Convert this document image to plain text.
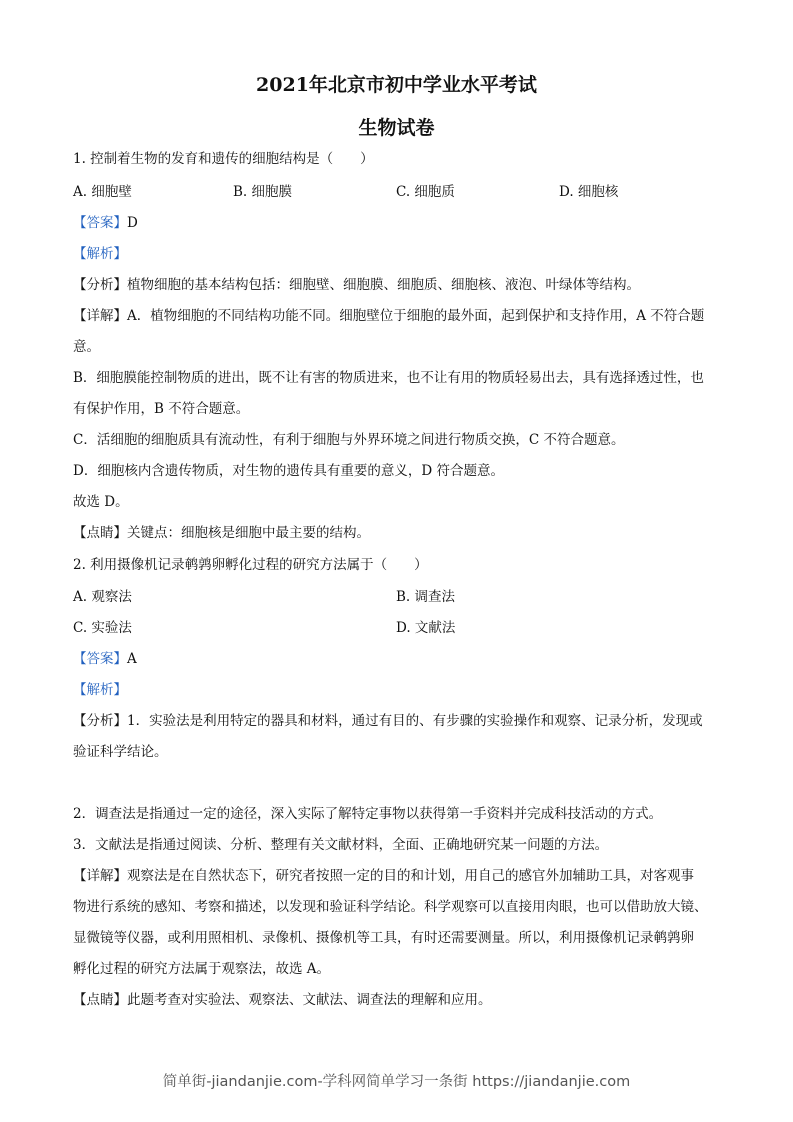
2021年北京市初中学业水平考试
生物试卷
1. 控制着生物的发育和遗传的细胞结构是（　　）
A. 细胞壁	B. 细胞膜	C. 细胞质	D. 细胞核
【答案】D
【解析】
【分析】植物细胞的基本结构包括：细胞壁、细胞膜、细胞质、细胞核、液泡、叶绿体等结构。
【详解】A．植物细胞的不同结构功能不同。细胞壁位于细胞的最外面，起到保护和支持作用，A 不符合题
意。
B．细胞膜能控制物质的进出，既不让有害的物质进来，也不让有用的物质轻易出去，具有选择透过性，也
有保护作用，B 不符合题意。
C．活细胞的细胞质具有流动性，有利于细胞与外界环境之间进行物质交换，C 不符合题意。
D．细胞核内含遗传物质，对生物的遗传具有重要的意义，D 符合题意。
故选 D。
【点睛】关键点：细胞核是细胞中最主要的结构。
2. 利用摄像机记录鹌鹑卵孵化过程的研究方法属于（　　）
A. 观察法	B. 调查法
C. 实验法	D. 文献法
【答案】A
【解析】
【分析】1．实验法是利用特定的器具和材料，通过有目的、有步骤的实验操作和观察、记录分析，发现或
验证科学结论。
2．调查法是指通过一定的途径，深入实际了解特定事物以获得第一手资料并完成科技活动的方式。
3．文献法是指通过阅读、分析、整理有关文献材料，全面、正确地研究某一问题的方法。
【详解】观察法是在自然状态下，研究者按照一定的目的和计划，用自己的感官外加辅助工具，对客观事
物进行系统的感知、考察和描述，以发现和验证科学结论。科学观察可以直接用肉眼，也可以借助放大镜、
显微镜等仪器，或利用照相机、录像机、摄像机等工具，有时还需要测量。所以，利用摄像机记录鹌鹑卵
孵化过程的研究方法属于观察法，故选 A。
【点睛】此题考查对实验法、观察法、文献法、调查法的理解和应用。
简单街-jiandanjie.com-学科网简单学习一条街 https://jiandanjie.com
